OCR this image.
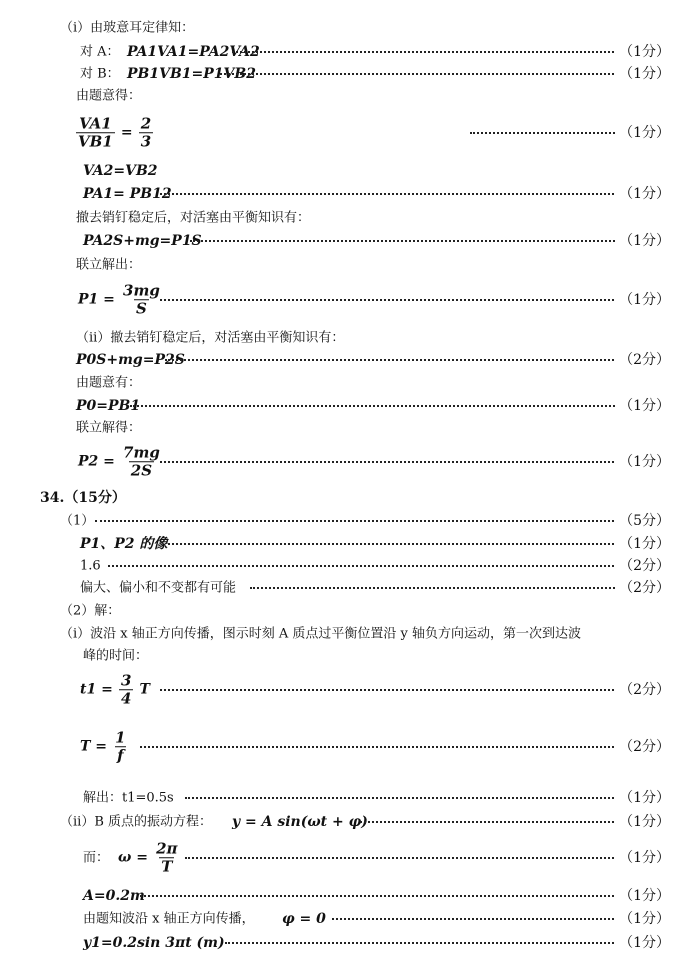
（i）由玻意耳定律知：
对 A： PA1VA1=PA2VA2	（1分）
对 B： PB1VB1=P1VB2	（1分）
由题意得：
$\frac{VA1}{VB1} = \frac{2}{3}$	（1分）
VA2=VB2
PA1= PB12	（1分）
撤去销钉稳定后，对活塞由平衡知识有：
PA2S+mg=P1S	（1分）
联立解出：
$P1 = \frac{3mg}{S}$	（1分）
（ii）撤去销钉稳定后，对活塞由平衡知识有：
P0S+mg=P2S	（2分）
由题意有：
P0=PB1	（1分）
联立解得：
$P2 = \frac{7mg}{2S}$	（1分）
34.（15分）
（1）	（5分）
P1、P2 的像	（1分）
1.6	（2分）
偏大、偏小和不变都有可能	（2分）
（2）解：
（i）波沿 x 轴正方向传播，图示时刻 A 质点过平衡位置沿 y 轴负方向运动，第一次到达波
峰的时间：
$t1 = \frac{3}{4}$ T	（2分）
$T = \frac{1}{f}$	（2分）
解出：t1=0.5s	（1分）
（ii）B 质点的振动方程： y = A sin(ωt + φ)	（1分）
而： $\omega = \frac{2\pi}{T}$	（1分）
A=0.2m	（1分）
由题知波沿 x 轴正方向传播， φ = 0	（1分）
y1=0.2sin 3πt (m)	（1分）
